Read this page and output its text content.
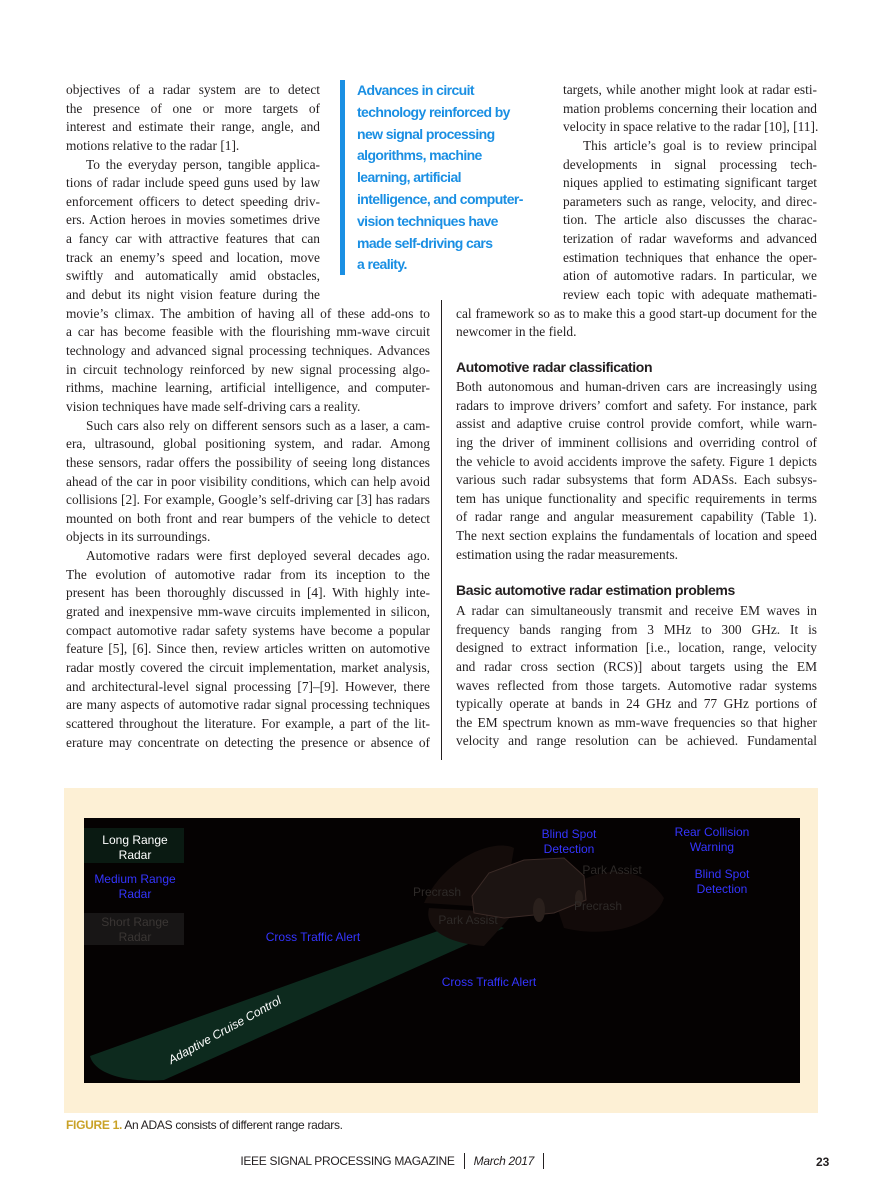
objectives of a radar system are to detect
the presence of one or more targets of
interest and estimate their range, angle, and
motions relative to the radar [1].
To the everyday person, tangible applica-
tions of radar include speed guns used by law
enforcement officers to detect speeding driv-
ers. Action heroes in movies sometimes drive
a fancy car with attractive features that can
track an enemy’s speed and location, move
swiftly and automatically amid obstacles,
and debut its night vision feature during the
movie’s climax. The ambition of having all of these add-ons to
a car has become feasible with the flourishing mm-wave circuit
technology and advanced signal processing techniques. Advances
in circuit technology reinforced by new signal processing algo-
rithms, machine learning, artificial intelligence, and computer-
vision techniques have made self-driving cars a reality.
Such cars also rely on different sensors such as a laser, a cam-
era, ultrasound, global positioning system, and radar. Among
these sensors, radar offers the possibility of seeing long distances
ahead of the car in poor visibility conditions, which can help avoid
collisions [2]. For example, Google’s self-driving car [3] has radars
mounted on both front and rear bumpers of the vehicle to detect
objects in its surroundings.
Automotive radars were first deployed several decades ago.
The evolution of automotive radar from its inception to the
present has been thoroughly discussed in [4]. With highly inte-
grated and inexpensive mm-wave circuits implemented in silicon,
compact automotive radar safety systems have become a popular
feature [5], [6]. Since then, review articles written on automotive
radar mostly covered the circuit implementation, market analysis,
and architectural-level signal processing [7]–[9]. However, there
are many aspects of automotive radar signal processing techniques
scattered throughout the literature. For example, a part of the lit-
erature may concentrate on detecting the presence or absence of
Advances in circuit
technology reinforced by
new signal processing
algorithms, machine
learning, artificial
intelligence, and computer-
vision techniques have
made self-driving cars
a reality.
targets, while another might look at radar esti-
mation problems concerning their location and
velocity in space relative to the radar [10], [11].
This article’s goal is to review principal
developments in signal processing tech-
niques applied to estimating significant target
parameters such as range, velocity, and direc-
tion. The article also discusses the charac-
terization of radar waveforms and advanced
estimation techniques that enhance the oper-
ation of automotive radars. In particular, we
review each topic with adequate mathemati-
cal framework so as to make this a good start-up document for the
newcomer in the field.
Automotive radar classification
Both autonomous and human-driven cars are increasingly using
radars to improve drivers’ comfort and safety. For instance, park
assist and adaptive cruise control provide comfort, while warn-
ing the driver of imminent collisions and overriding control of
the vehicle to avoid accidents improve the safety. Figure 1 depicts
various such radar subsystems that form ADASs. Each subsys-
tem has unique functionality and specific requirements in terms
of radar range and angular measurement capability (Table 1).
The next section explains the fundamentals of location and speed
estimation using the radar measurements.
Basic automotive radar estimation problems
A radar can simultaneously transmit and receive EM waves in
frequency bands ranging from 3 MHz to 300 GHz. It is
designed to extract information [i.e., location, range, velocity
and radar cross section (RCS)] about targets using the EM
waves reflected from those targets. Automotive radar systems
typically operate at bands in 24 GHz and 77 GHz portions of
the EM spectrum known as mm-wave frequencies so that higher
velocity and range resolution can be achieved. Fundamental
Long Range
Radar
Medium Range
Radar
Short Range
Radar
Blind Spot
Detection
Rear Collision
Warning
Blind Spot
Detection
Park Assist
Precrash
Park Assist
Precrash
Cross Traffic Alert
Cross Traffic Alert
Adaptive Cruise Control
FIGURE 1. An ADAS consists of different range radars.
IEEE SIGNAL PROCESSING MAGAZINE March 2017	23
